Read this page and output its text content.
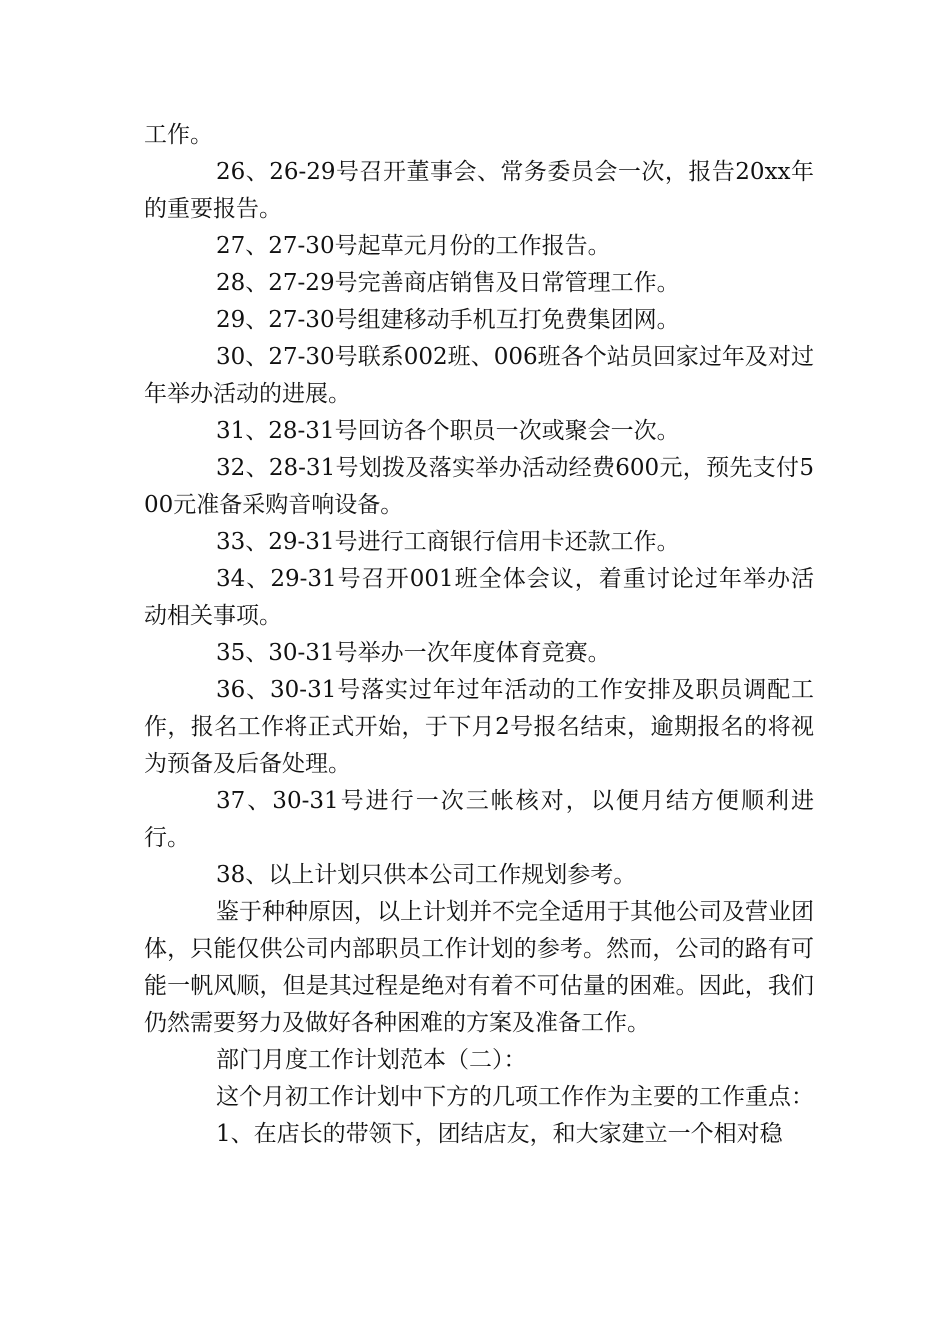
工作。

26、26-29号召开董事会、常务委员会一次，报告20xx年的重要报告。

27、27-30号起草元月份的工作报告。

28、27-29号完善商店销售及日常管理工作。

29、27-30号组建移动手机互打免费集团网。

30、27-30号联系002班、006班各个站员回家过年及对过年举办活动的进展。

31、28-31号回访各个职员一次或聚会一次。

32、28-31号划拨及落实举办活动经费600元，预先支付500元准备采购音响设备。

33、29-31号进行工商银行信用卡还款工作。

34、29-31号召开001班全体会议，着重讨论过年举办活动相关事项。

35、30-31号举办一次年度体育竞赛。

36、30-31号落实过年过年活动的工作安排及职员调配工作，报名工作将正式开始，于下月2号报名结束，逾期报名的将视为预备及后备处理。

37、30-31号进行一次三帐核对，以便月结方便顺利进行。

38、以上计划只供本公司工作规划参考。

鉴于种种原因，以上计划并不完全适用于其他公司及营业团体，只能仅供公司内部职员工作计划的参考。然而，公司的路有可能一帆风顺，但是其过程是绝对有着不可估量的困难。因此，我们仍然需要努力及做好各种困难的方案及准备工作。

部门月度工作计划范本（二）：

这个月初工作计划中下方的几项工作作为主要的工作重点：

1、在店长的带领下，团结店友，和大家建立一个相对稳
